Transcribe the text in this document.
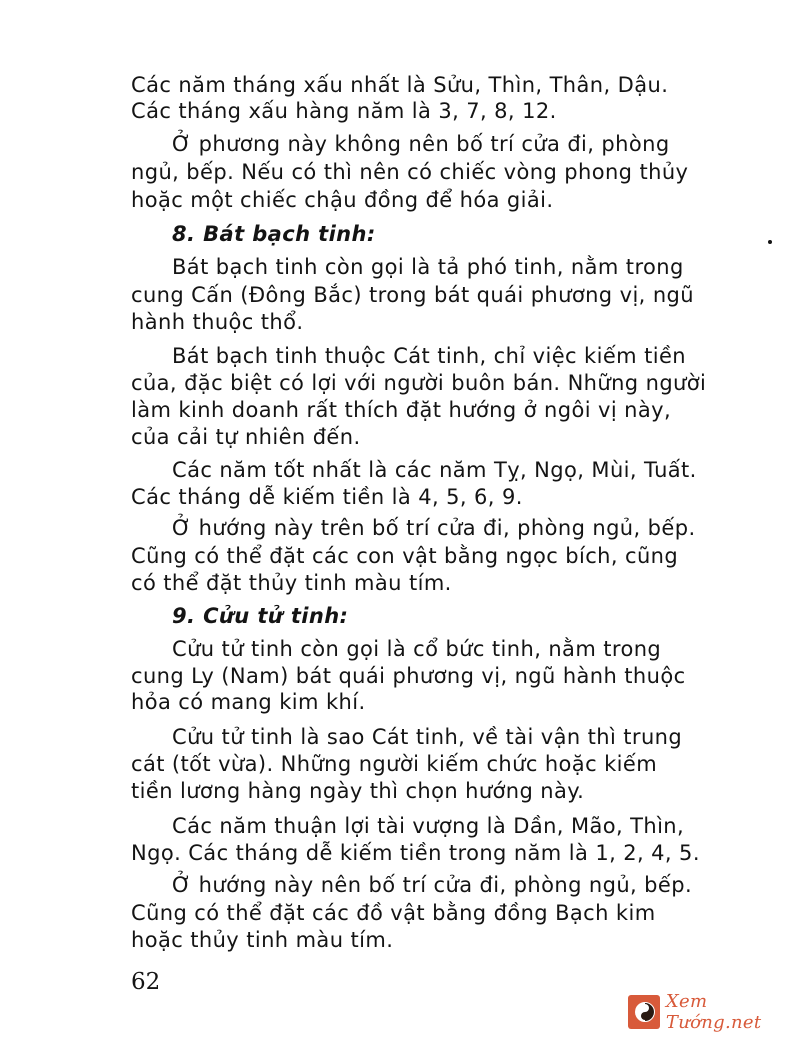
Các năm tháng xấu nhất là Sửu, Thìn, Thân, Dậu.
Các tháng xấu hàng năm là 3, 7, 8, 12.
Ở phương này không nên bố trí cửa đi, phòng
ngủ, bếp. Nếu có thì nên có chiếc vòng phong thủy
hoặc một chiếc chậu đồng để hóa giải.
8. Bát bạch tinh:
Bát bạch tinh còn gọi là tả phó tinh, nằm trong
cung Cấn (Đông Bắc) trong bát quái phương vị, ngũ
hành thuộc thổ.
Bát bạch tinh thuộc Cát tinh, chỉ việc kiếm tiền
của, đặc biệt có lợi với người buôn bán. Những người
làm kinh doanh rất thích đặt hướng ở ngôi vị này,
của cải tự nhiên đến.
Các năm tốt nhất là các năm Tỵ, Ngọ, Mùi, Tuất.
Các tháng dễ kiếm tiền là 4, 5, 6, 9.
Ở hướng này trên bố trí cửa đi, phòng ngủ, bếp.
Cũng có thể đặt các con vật bằng ngọc bích, cũng
có thể đặt thủy tinh màu tím.
9. Cửu tử tinh:
Cửu tử tinh còn gọi là cổ bức tinh, nằm trong
cung Ly (Nam) bát quái phương vị, ngũ hành thuộc
hỏa có mang kim khí.
Cửu tử tinh là sao Cát tinh, về tài vận thì trung
cát (tốt vừa). Những người kiếm chức hoặc kiếm
tiền lương hàng ngày thì chọn hướng này.
Các năm thuận lợi tài vượng là Dần, Mão, Thìn,
Ngọ. Các tháng dễ kiếm tiền trong năm là 1, 2, 4, 5.
Ở hướng này nên bố trí cửa đi, phòng ngủ, bếp.
Cũng có thể đặt các đồ vật bằng đồng Bạch kim
hoặc thủy tinh màu tím.
62
Xem Tướng.net
